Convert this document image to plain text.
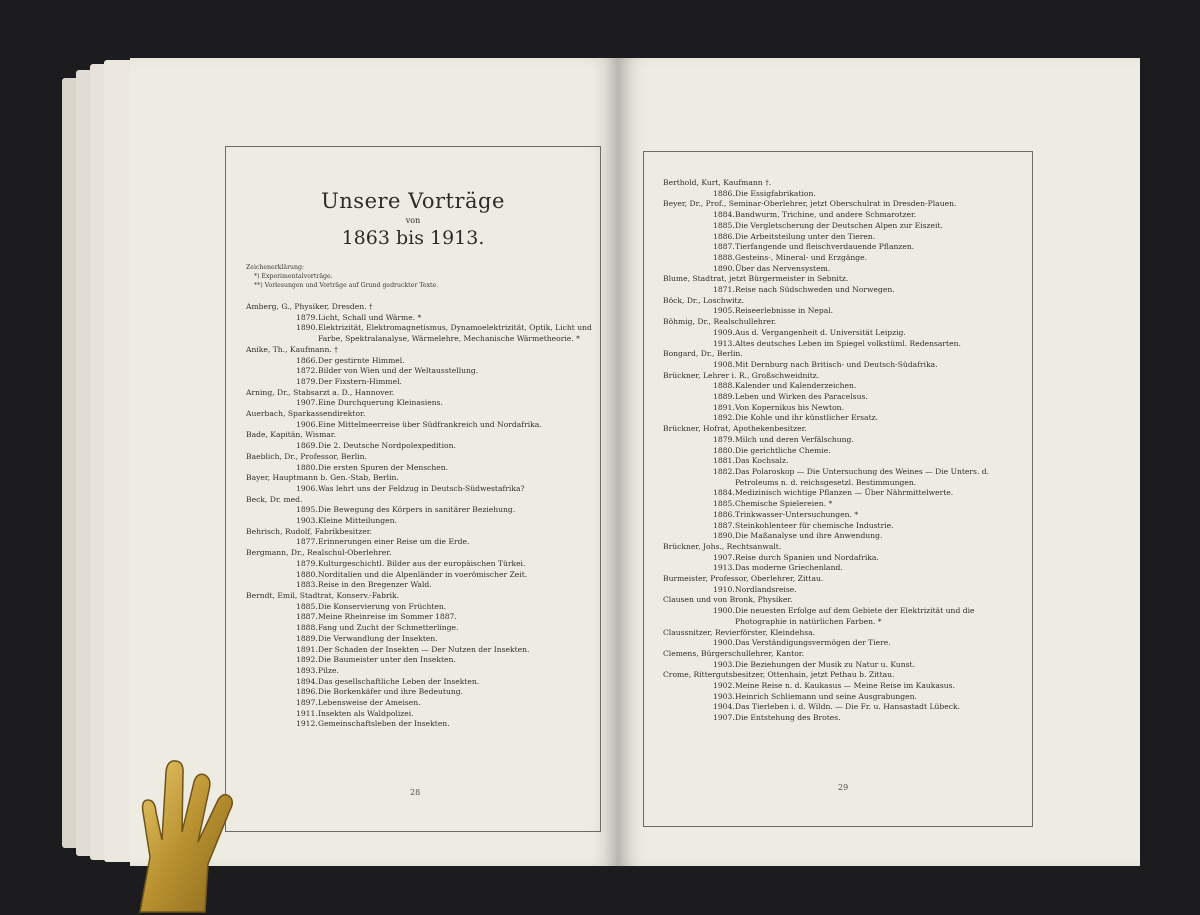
Unsere Vorträge
von
1863 bis 1913.
Zeichenerklärung:
*) Experimentalvorträge.
**) Vorlesungen und Vorträge auf Grund gedruckter Texte.
Amberg, G., Physiker, Dresden. †
1879. Licht, Schall und Wärme. *
1890. Elektrizität, Elektromagnetismus, Dynamoelektrizität, Optik, Licht und Farbe, Spektralanalyse, Wärmelehre, Mechanische Wärmetheorie. *
Anike, Th., Kaufmann. †
1866. Der gestirnte Himmel.
1872. Bilder von Wien und der Weltausstellung.
1879. Der Fixstern-Himmel.
Arning, Dr., Stabsarzt a. D., Hannover.
1907. Eine Durchquerung Kleinasiens.
Auerbach, Sparkassendirektor.
1906. Eine Mittelmeerreise über Südfrankreich und Nordafrika.
Bade, Kapitän, Wismar.
1869. Die 2. Deutsche Nordpolexpedition.
Baeblich, Dr., Professor, Berlin.
1880. Die ersten Spuren der Menschen.
Bayer, Hauptmann b. Gen.-Stab, Berlin.
1906. Was lehrt uns der Feldzug in Deutsch-Südwestafrika?
Beck, Dr. med.
1895. Die Bewegung des Körpers in sanitärer Beziehung.
1903. Kleine Mitteilungen.
Behrisch, Rudolf, Fabrikbesitzer.
1877. Erinnerungen einer Reise um die Erde.
Bergmann, Dr., Realschul-Oberlehrer.
1879. Kulturgeschichtl. Bilder aus der europäischen Türkei.
1880. Norditalien und die Alpenländer in voerömischer Zeit.
1883. Reise in den Bregenzer Wald.
Berndt, Emil, Stadtrat, Konserv.-Fabrik.
1885. Die Konservierung von Früchten.
1887. Meine Rheinreise im Sommer 1887.
1888. Fang und Zucht der Schmetterlinge.
1889. Die Verwandlung der Insekten.
1891. Der Schaden der Insekten — Der Nutzen der Insekten.
1892. Die Baumeister unter den Insekten.
1893. Pilze.
1894. Das gesellschaftliche Leben der Insekten.
1896. Die Borkenkäfer und ihre Bedeutung.
1897. Lebensweise der Ameisen.
1911. Insekten als Waldpolizei.
1912. Gemeinschaftsleben der Insekten.
28
Berthold, Kurt, Kaufmann †.
1886. Die Essigfabrikation.
Beyer, Dr., Prof., Seminar-Oberlehrer, jetzt Oberschulrat in Dresden-Plauen.
1884. Bandwurm, Trichine, und andere Schmarotzer.
1885. Die Vergletscherung der Deutschen Alpen zur Eiszeit.
1886. Die Arbeitsteilung unter den Tieren.
1887. Tierfangende und fleischverdauende Pflanzen.
1888. Gesteins-, Mineral- und Erzgänge.
1890. Über das Nervensystem.
Blume, Stadtrat, jetzt Bürgermeister in Sebnitz.
1871. Reise nach Südschweden und Norwegen.
Böck, Dr., Loschwitz.
1905. Reiseerlebnisse in Nepal.
Böhmig, Dr., Realschullehrer.
1909. Aus d. Vergangenheit d. Universität Leipzig.
1913. Altes deutsches Leben im Spiegel volkstüml. Redensarten.
Bongard, Dr., Berlin.
1908. Mit Dernburg nach Britisch- und Deutsch-Südafrika.
Brückner, Lehrer i. R., Großschweidnitz.
1888. Kalender und Kalenderzeichen.
1889. Leben und Wirken des Paracelsus.
1891. Von Kopernikus bis Newton.
1892. Die Kohle und ihr künstlicher Ersatz.
Brückner, Hofrat, Apothekenbesitzer.
1879. Milch und deren Verfälschung.
1880. Die gerichtliche Chemie.
1881. Das Kochsalz.
1882. Das Polaroskop — Die Untersuchung des Weines — Die Unters. d. Petroleums n. d. reichsgesetzl. Bestimmungen.
1884. Medizinisch wichtige Pflanzen — Über Nährmittelwerte.
1885. Chemische Spielereien. *
1886. Trinkwasser-Untersuchungen. *
1887. Steinkohlenteer für chemische Industrie.
1890. Die Maßanalyse und ihre Anwendung.
Brückner, Johs., Rechtsanwalt.
1907. Reise durch Spanien und Nordafrika.
1913. Das moderne Griechenland.
Burmeister, Professor, Oberlehrer, Zittau.
1910. Nordlandsreise.
Clausen und von Bronk, Physiker.
1900. Die neuesten Erfolge auf dem Gebiete der Elektrizität und die Photographie in natürlichen Farben. *
Claussnitzer, Revierförster, Kleindehsa.
1900. Das Verständigungsvermögen der Tiere.
Clemens, Bürgerschullehrer, Kantor.
1903. Die Beziehungen der Musik zu Natur u. Kunst.
Crome, Rittergutsbesitzer, Ottenhain, jetzt Pethau b. Zittau.
1902. Meine Reise n. d. Kaukasus — Meine Reise im Kaukasus.
1903. Heinrich Schliemann und seine Ausgrabungen.
1904. Das Tierleben i. d. Wildn. — Die Fr. u. Hansastadt Lübeck.
1907. Die Entstehung des Brotes.
29
